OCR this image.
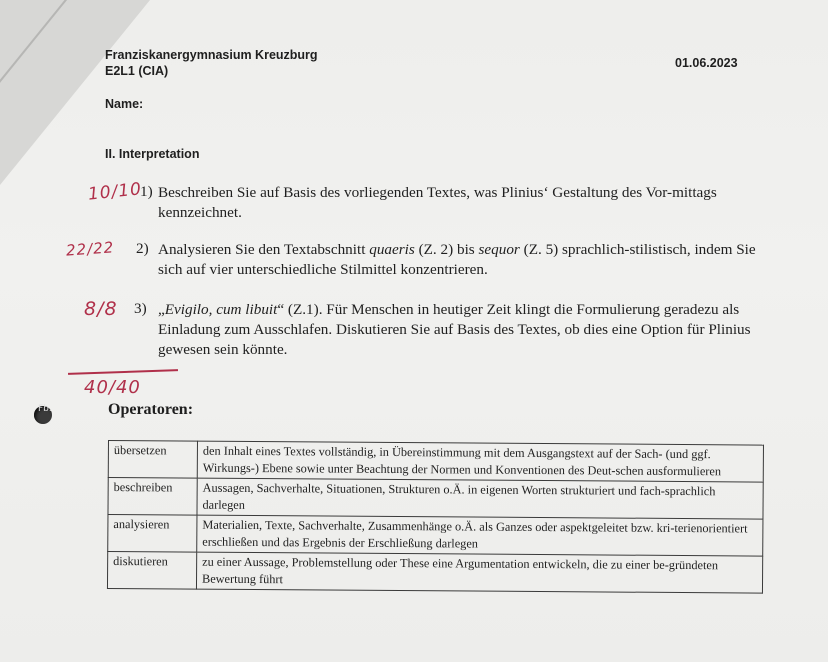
Franziskanergymnasium Kreuzburg
E2L1 (CIA)
01.06.2023
Name:
II. Interpretation
10/10
1) Beschreiben Sie auf Basis des vorliegenden Textes, was Plinius‘ Gestaltung des Vor-mittags kennzeichnet.
22/22 2) Analysieren Sie den Textabschnitt quaeris (Z. 2) bis sequor (Z. 5) sprachlich-stilistisch, indem Sie sich auf vier unterschiedliche Stilmittel konzentrieren.
8/8 3) „Evigilo, cum libuit“ (Z.1). Für Menschen in heutiger Zeit klingt die Formulierung geradezu als Einladung zum Ausschlafen. Diskutieren Sie auf Basis des Textes, ob dies eine Option für Plinius gewesen sein könnte.
40/40
Fb.	Operatoren:
übersetzen	den Inhalt eines Textes vollständig, in Übereinstimmung mit dem Ausgangstext auf der Sach- (und ggf. Wirkungs-) Ebene sowie unter Beachtung der Normen und Konventionen des Deut-schen ausformulieren
beschreiben	Aussagen, Sachverhalte, Situationen, Strukturen o.Ä. in eigenen Worten strukturiert und fach-sprachlich darlegen
analysieren	Materialien, Texte, Sachverhalte, Zusammenhänge o.Ä. als Ganzes oder aspektgeleitet bzw. kri-terienorientiert erschließen und das Ergebnis der Erschließung darlegen
diskutieren	zu einer Aussage, Problemstellung oder These eine Argumentation entwickeln, die zu einer be-gründeten Bewertung führt
